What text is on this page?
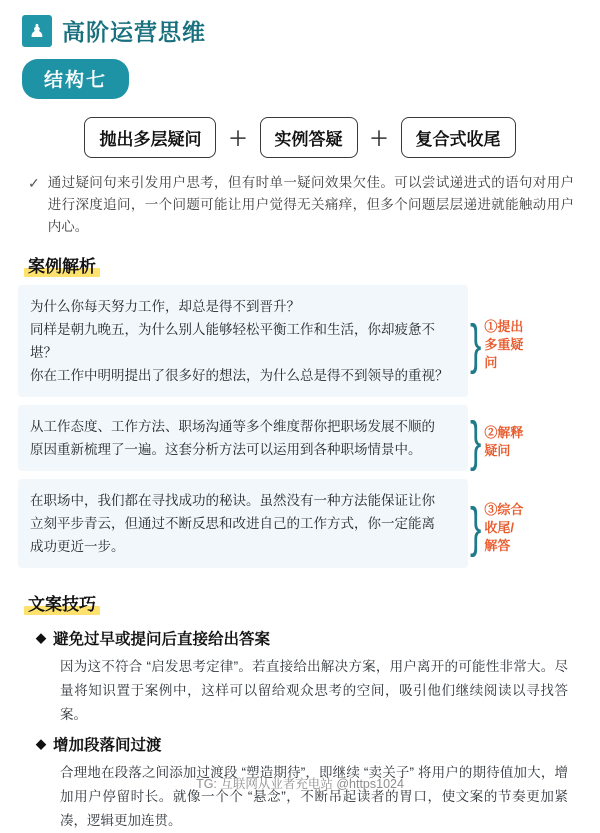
♟ 高阶运营思维
结构七
抛出多层疑问	＋	实例答疑	＋	复合式收尾
✓ 通过疑问句来引发用户思考，但有时单一疑问效果欠佳。可以尝试递进式的语句对用户进行深度追问，一个问题可能让用户觉得无关痛痒，但多个问题层层递进就能触动用户内心。
案例解析

为什么你每天努力工作，却总是得不到晋升？

同样是朝九晚五，为什么别人能够轻松平衡工作和生活，你却疲惫不堪？

你在工作中明明提出了很多好的想法，为什么总是得不到领导的重视？

} ①提出多重疑问

从工作态度、工作方法、职场沟通等多个维度帮你把职场发展不顺的

原因重新梳理了一遍。这套分析方法可以运用到各种职场情景中。	} ②解释疑问

在职场中，我们都在寻找成功的秘诀。虽然没有一种方法能保证让你

立刻平步青云，但通过不断反思和改进自己的工作方式，你一定能离

成功更近一步。	} ③综合收尾/解答
文案技巧
◆ 避免过早或提问后直接给出答案
因为这不符合 “启发思考定律”。若直接给出解决方案，用户离开的可能性非常大。尽量将知识置于案例中，这样可以留给观众思考的空间，吸引他们继续阅读以寻找答案。
◆ 增加段落间过渡
合理地在段落之间添加过渡段 “塑造期待”，即继续 “卖关子” 将用户的期待值加大，增加用户停留时长。就像一个个 “悬念”，不断吊起读者的胃口，使文案的节奏更加紧凑，逻辑更加连贯。
TG: 互联网从业者充电站 @https1024
